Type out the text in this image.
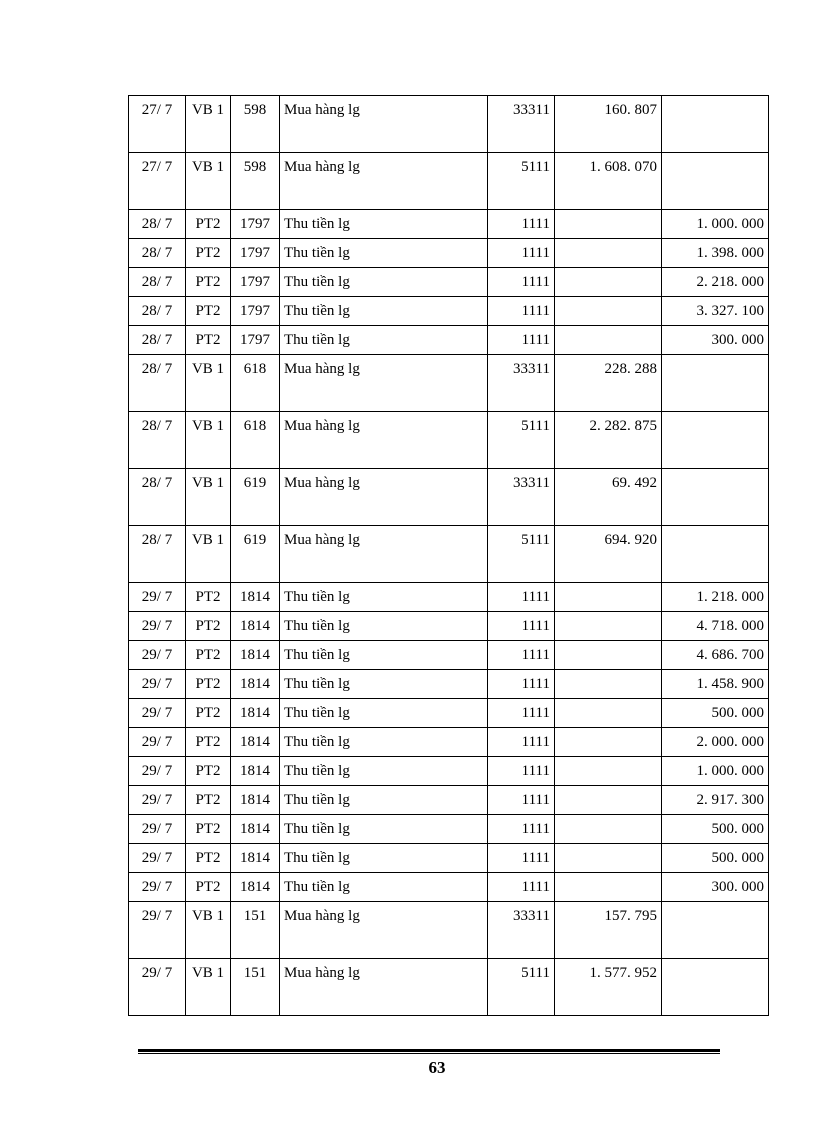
27/ 7	VB 1	598	Mua hàng lg	33311	160. 807	
27/ 7	VB 1	598	Mua hàng lg	5111	1. 608. 070	
28/ 7	PT2	1797	Thu tiền lg	1111		1. 000. 000
28/ 7	PT2	1797	Thu tiền lg	1111		1. 398. 000
28/ 7	PT2	1797	Thu tiền lg	1111		2. 218. 000
28/ 7	PT2	1797	Thu tiền lg	1111		3. 327. 100
28/ 7	PT2	1797	Thu tiền lg	1111		300. 000
28/ 7	VB 1	618	Mua hàng lg	33311	228. 288	
28/ 7	VB 1	618	Mua hàng lg	5111	2. 282. 875	
28/ 7	VB 1	619	Mua hàng lg	33311	69. 492	
28/ 7	VB 1	619	Mua hàng lg	5111	694. 920	
29/ 7	PT2	1814	Thu tiền lg	1111		1. 218. 000
29/ 7	PT2	1814	Thu tiền lg	1111		4. 718. 000
29/ 7	PT2	1814	Thu tiền lg	1111		4. 686. 700
29/ 7	PT2	1814	Thu tiền lg	1111		1. 458. 900
29/ 7	PT2	1814	Thu tiền lg	1111		500. 000
29/ 7	PT2	1814	Thu tiền lg	1111		2. 000. 000
29/ 7	PT2	1814	Thu tiền lg	1111		1. 000. 000
29/ 7	PT2	1814	Thu tiền lg	1111		2. 917. 300
29/ 7	PT2	1814	Thu tiền lg	1111		500. 000
29/ 7	PT2	1814	Thu tiền lg	1111		500. 000
29/ 7	PT2	1814	Thu tiền lg	1111		300. 000
29/ 7	VB 1	151	Mua hàng lg	33311	157. 795	
29/ 7	VB 1	151	Mua hàng lg	5111	1. 577. 952	
63
